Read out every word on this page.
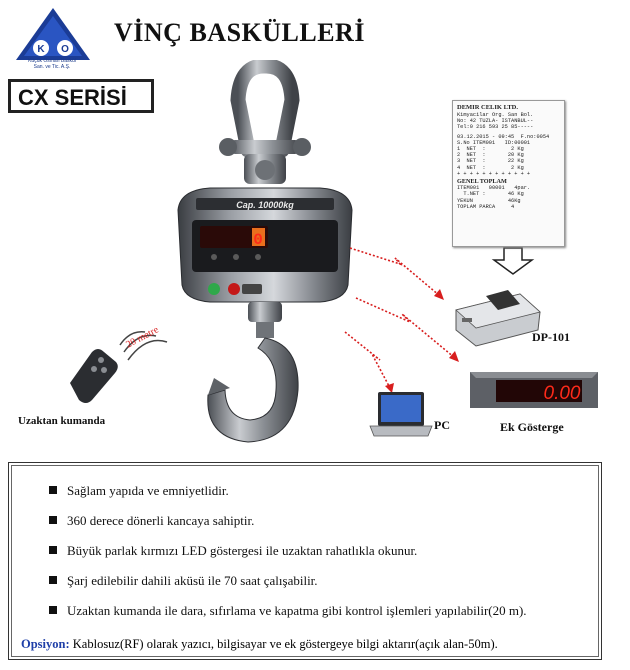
K O
Küçük Osman Baskül
San. ve Tic. A.Ş.
VİNÇ BASKÜLLERİ
CX SERİSİ
Cap. 10000kg
0
20 metre
0.00
DEMIR CELIK LTD.
Kimyacilar Org. San Bol.
No: 42 TUZLA- ISTANBUL--
Tel:0 216 593 25 85-----
03.12.2015 - 09:45  F.no:0054
S.No ITEM001   ID:00001
1  NET  :        2 Kg
2  NET  :       20 Kg
3  NET  :       22 Kg
4  NET  :        2 Kg
+ + + + + + + + + + + +
GENEL TOPLAM
ITEM001   00001   4par.
T.NET :       46 Kg
YEKUN           46Kg
TOPLAM PARCA     4
DP-101
PC
Uzaktan kumanda	Ek Gösterge
Sağlam yapıda ve emniyetlidir.
360 derece dönerli kancaya sahiptir.
Büyük parlak kırmızı LED göstergesi ile uzaktan rahatlıkla okunur.
Şarj edilebilir dahili aküsü ile 70 saat çalışabilir.
Uzaktan kumanda ile dara, sıfırlama ve kapatma gibi kontrol işlemleri yapılabilir(20 m).
Opsiyon: Kablosuz(RF) olarak yazıcı, bilgisayar ve ek göstergeye bilgi aktarır(açık alan-50m).
